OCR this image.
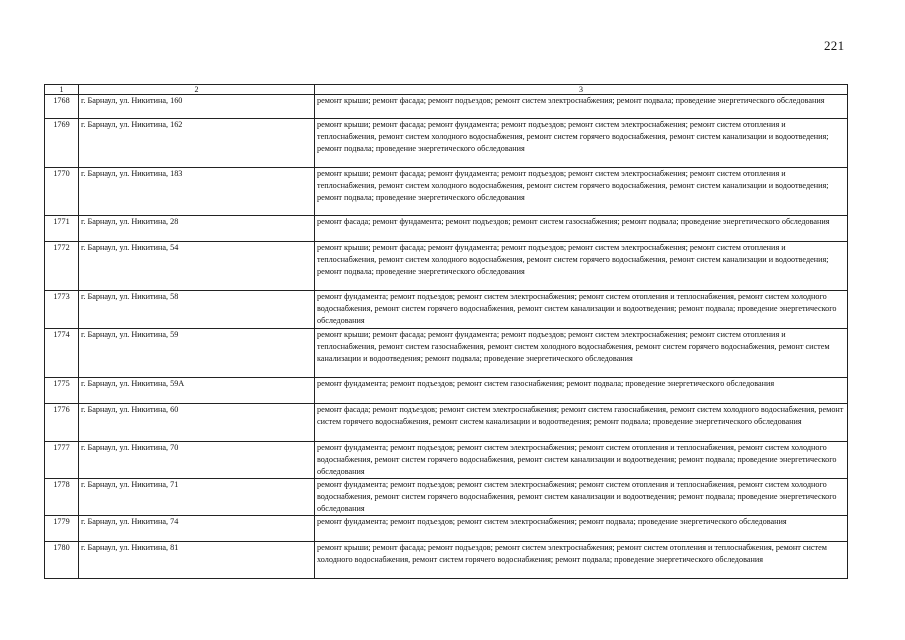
221
1	2	3
1768	г. Барнаул, ул. Никитина, 160	ремонт крыши; ремонт фасада; ремонт подъездов; ремонт систем электроснабжения; ремонт подвала; проведение энергетического обследования
1769	г. Барнаул, ул. Никитина, 162	ремонт крыши; ремонт фасада; ремонт фундамента; ремонт подъездов; ремонт систем электроснабжения; ремонт систем отопления и теплоснабжения, ремонт систем холодного водоснабжения, ремонт систем горячего водоснабжения, ремонт систем канализации и водоотведения; ремонт подвала; проведение энергетического обследования
1770	г. Барнаул, ул. Никитина, 183	ремонт крыши; ремонт фасада; ремонт фундамента; ремонт подъездов; ремонт систем электроснабжения; ремонт систем отопления и теплоснабжения, ремонт систем холодного водоснабжения, ремонт систем горячего водоснабжения, ремонт систем канализации и водоотведения; ремонт подвала; проведение энергетического обследования
1771	г. Барнаул, ул. Никитина, 28	ремонт фасада; ремонт фундамента; ремонт подъездов; ремонт систем газоснабжения; ремонт подвала; проведение энергетического обследования
1772	г. Барнаул, ул. Никитина, 54	ремонт крыши; ремонт фасада; ремонт фундамента; ремонт подъездов; ремонт систем электроснабжения; ремонт систем отопления и теплоснабжения, ремонт систем холодного водоснабжения, ремонт систем горячего водоснабжения, ремонт систем канализации и водоотведения; ремонт подвала; проведение энергетического обследования
1773	г. Барнаул, ул. Никитина, 58	ремонт фундамента; ремонт подъездов; ремонт систем электроснабжения; ремонт систем отопления и теплоснабжения, ремонт систем холодного водоснабжения, ремонт систем горячего водоснабжения, ремонт систем канализации и водоотведения; ремонт подвала; проведение энергетического обследования
1774	г. Барнаул, ул. Никитина, 59	ремонт крыши; ремонт фасада; ремонт фундамента; ремонт подъездов; ремонт систем электроснабжения; ремонт систем отопления и теплоснабжения, ремонт систем газоснабжения, ремонт систем холодного водоснабжения, ремонт систем горячего водоснабжения, ремонт систем канализации и водоотведения; ремонт подвала; проведение энергетического обследования
1775	г. Барнаул, ул. Никитина, 59А	ремонт фундамента; ремонт подъездов; ремонт систем газоснабжения; ремонт подвала; проведение энергетического обследования
1776	г. Барнаул, ул. Никитина, 60	ремонт фасада; ремонт подъездов; ремонт систем электроснабжения; ремонт систем газоснабжения, ремонт систем холодного водоснабжения, ремонт систем горячего водоснабжения, ремонт систем канализации и водоотведения; ремонт подвала; проведение энергетического обследования
1777	г. Барнаул, ул. Никитина, 70	ремонт фундамента; ремонт подъездов; ремонт систем электроснабжения; ремонт систем отопления и теплоснабжения, ремонт систем холодного водоснабжения, ремонт систем горячего водоснабжения, ремонт систем канализации и водоотведения; ремонт подвала; проведение энергетического обследования
1778	г. Барнаул, ул. Никитина, 71	ремонт фундамента; ремонт подъездов; ремонт систем электроснабжения; ремонт систем отопления и теплоснабжения, ремонт систем холодного водоснабжения, ремонт систем горячего водоснабжения, ремонт систем канализации и водоотведения; ремонт подвала; проведение энергетического обследования
1779	г. Барнаул, ул. Никитина, 74	ремонт фундамента; ремонт подъездов; ремонт систем электроснабжения; ремонт подвала; проведение энергетического обследования
1780	г. Барнаул, ул. Никитина, 81	ремонт крыши; ремонт фасада; ремонт подъездов; ремонт систем электроснабжения; ремонт систем отопления и теплоснабжения, ремонт систем холодного водоснабжения, ремонт систем горячего водоснабжения; ремонт подвала; проведение энергетического обследования
